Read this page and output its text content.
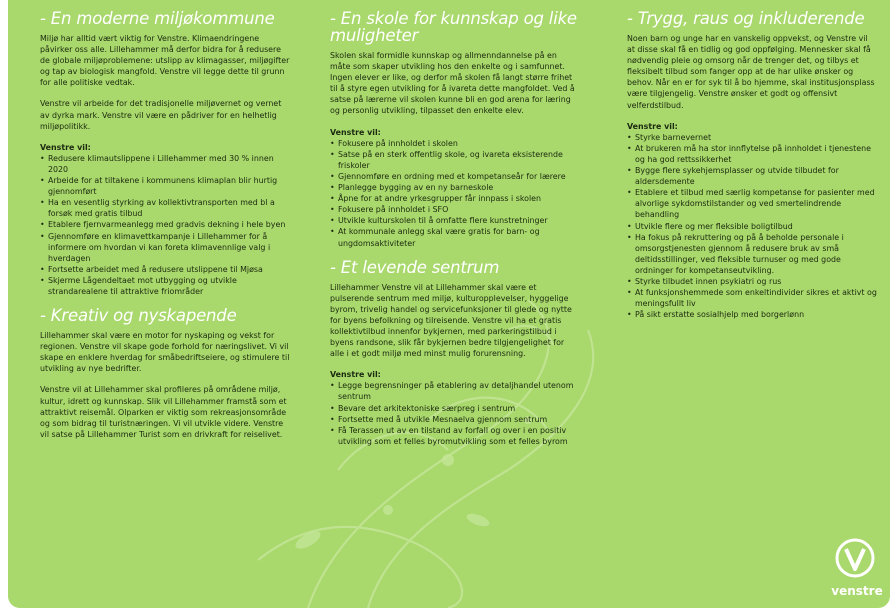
- En moderne miljøkommune

Miljø har alltid vært viktig for Venstre. Klimaendringene påvirker oss alle. Lillehammer må derfor bidra for å redusere de globale miljøproblemene: utslipp av klimagasser, miljøgifter og tap av biologisk mangfold. Venstre vil legge dette til grunn for alle politiske vedtak.

Venstre vil arbeide for det tradisjonelle miljøvernet og vernet av dyrka mark. Venstre vil være en pådriver for en helhetlig miljøpolitikk.

Venstre vil:
• Redusere klimautslippene i Lillehammer med 30 % innen 2020
• Arbeide for at tiltakene i kommunens klimaplan blir hurtig gjennomført
• Ha en vesentlig styrking av kollektivtransporten med bl a forsøk med gratis tilbud
• Etablere fjernvarmeanlegg med gradvis dekning i hele byen
• Gjennomføre en klimavettkampanje i Lillehammer for å informere om hvordan vi kan foreta klimavennlige valg i hverdagen
• Fortsette arbeidet med å redusere utslippene til Mjøsa
• Skjerme Lågendeltaet mot utbygging og utvikle strandarealene til attraktive friområder
- Kreativ og nyskapende

Lillehammer skal være en motor for nyskaping og vekst for regionen. Venstre vil skape gode forhold for næringslivet. Vi vil skape en enklere hverdag for småbedriftseiere, og stimulere til utvikling av nye bedrifter.

Venstre vil at Lillehammer skal profileres på områdene miljø, kultur, idrett og kunnskap. Slik vil Lillehammer framstå som et attraktivt reisemål. Olparken er viktig som rekreasjonsområde og som bidrag til turistnæringen. Vi vil utvikle videre. Venstre vil satse på Lillehammer Turist som en drivkraft for reiselivet.

- En skole for kunnskap og like muligheter

Skolen skal formidle kunnskap og allmenndannelse på en måte som skaper utvikling hos den enkelte og i samfunnet. Ingen elever er like, og derfor må skolen få langt større frihet til å styre egen utvikling for å ivareta dette mangfoldet. Ved å satse på lærerne vil skolen kunne bli en god arena for læring og personlig utvikling, tilpasset den enkelte elev.

Venstre vil:
• Fokusere på innholdet i skolen
• Satse på en sterk offentlig skole, og ivareta eksisterende friskoler
• Gjennomføre en ordning med et kompetanseår for lærere
• Planlegge bygging av en ny barneskole
• Åpne for at andre yrkesgrupper får innpass i skolen
• Fokusere på innholdet i SFO
• Utvikle kulturskolen til å omfatte flere kunstretninger
• At kommunale anlegg skal være gratis for barn- og ungdomsaktiviteter
- Et levende sentrum

Lillehammer Venstre vil at Lillehammer skal være et pulserende sentrum med miljø, kulturopplevelser, hyggelige byrom, trivelig handel og servicefunksjoner til glede og nytte for byens befolkning og tilreisende. Venstre vil ha et gratis kollektivtilbud innenfor bykjernen, med parkeringstilbud i byens randsone, slik får bykjernen bedre tilgjengelighet for alle i et godt miljø med minst mulig forurensning.

Venstre vil:
• Legge begrensninger på etablering av detaljhandel utenom sentrum
• Bevare det arkitektoniske særpreg i sentrum
• Fortsette med å utvikle Mesnaelva gjennom sentrum
• Få Terassen ut av en tilstand av forfall og over i en positiv utvikling som et felles byromutvikling som et felles byrom
- Trygg, raus og inkluderende

Noen barn og unge har en vanskelig oppvekst, og Venstre vil at disse skal få en tidlig og god oppfølging. Mennesker skal få nødvendig pleie og omsorg når de trenger det, og tilbys et fleksibelt tilbud som fanger opp at de har ulike ønsker og behov. Når en er for syk til å bo hjemme, skal institusjonsplass være tilgjengelig. Venstre ønsker et godt og offensivt velferdstilbud.

Venstre vil:
• Styrke barnevernet
• At brukeren må ha stor innflytelse på innholdet i tjenestene og ha god rettssikkerhet
• Bygge flere sykehjemsplasser og utvide tilbudet for aldersdemente
• Etablere et tilbud med særlig kompetanse for pasienter med alvorlige sykdomstilstander og ved smertelindrende behandling
• Utvikle flere og mer fleksible boligtilbud
• Ha fokus på rekruttering og på å beholde personale i omsorgstjenesten gjennom å redusere bruk av små deltidsstillinger, ved fleksible turnuser og med gode ordninger for kompetanseutvikling.
• Styrke tilbudet innen psykiatri og rus
• At funksjonshemmede som enkeltindivider sikres et aktivt og meningsfullt liv
• På sikt erstatte sosialhjelp med borgerlønn
venstre
